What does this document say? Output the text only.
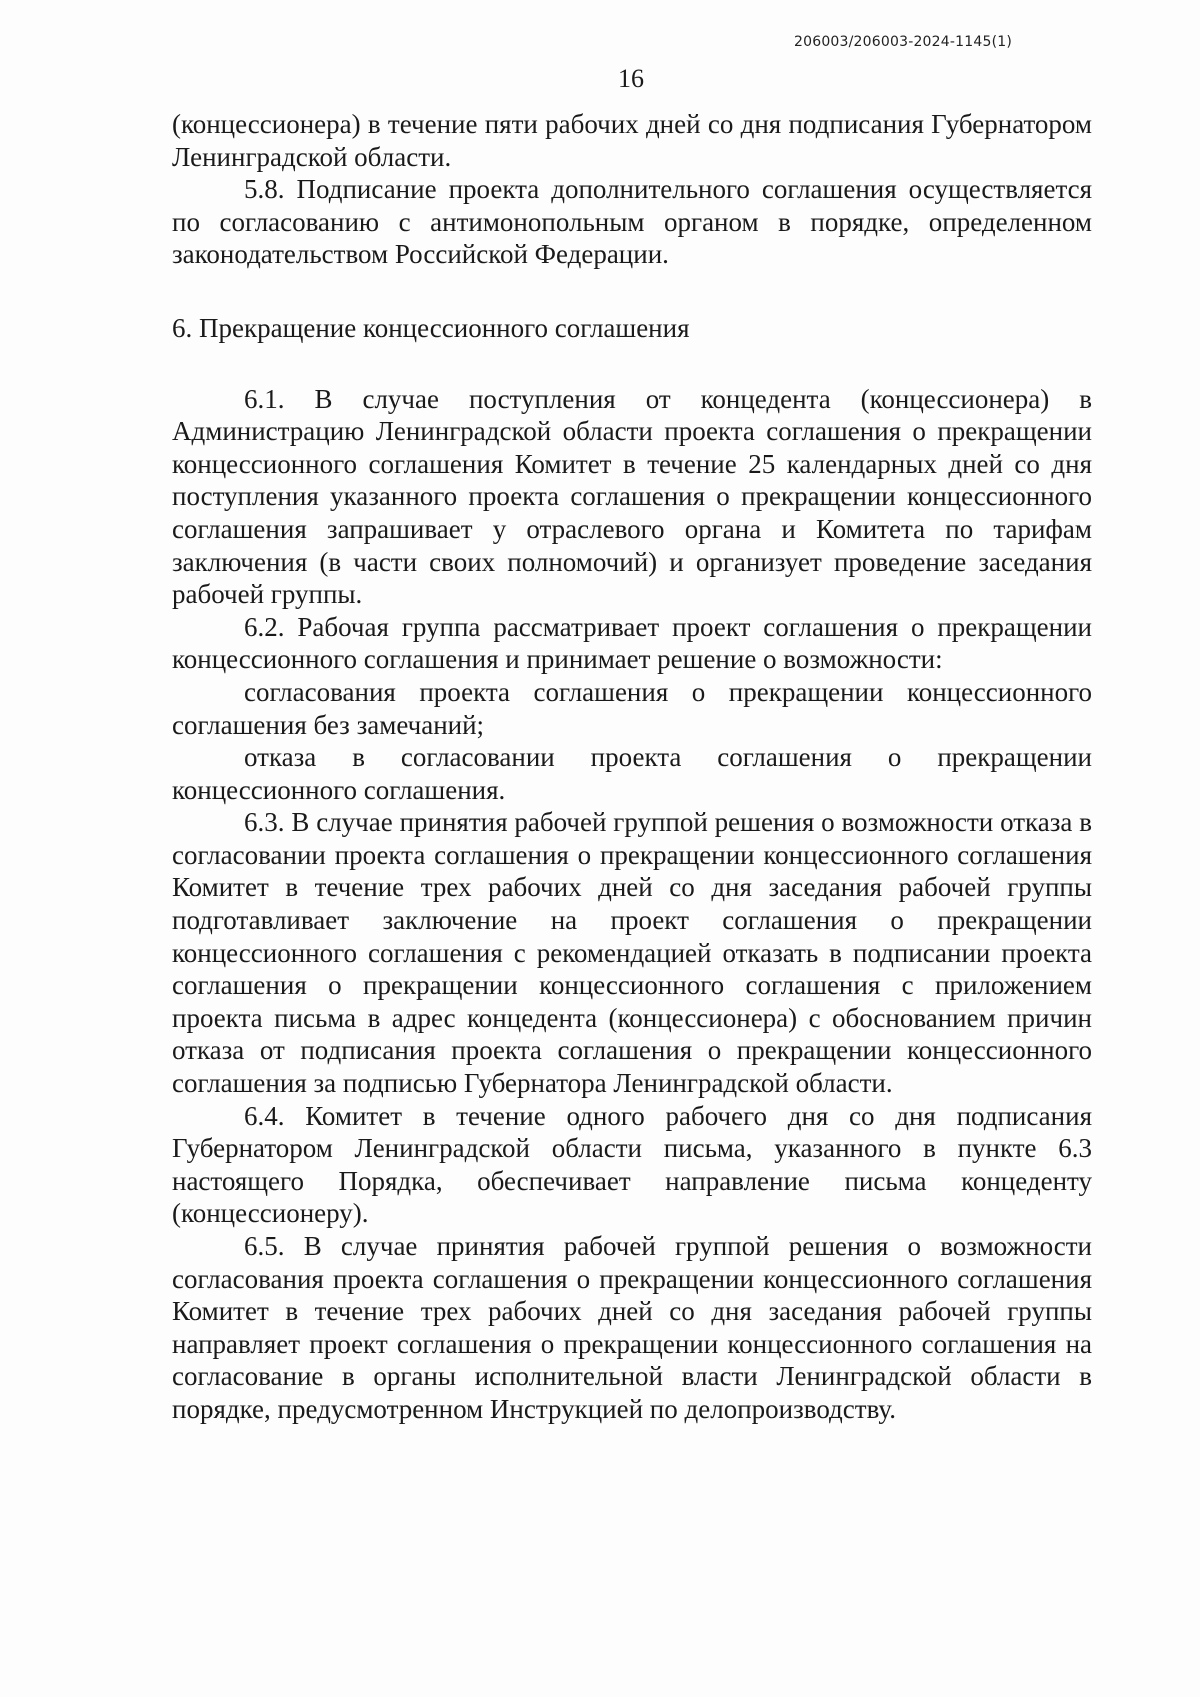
206003/206003-2024-1145(1)
16

(концессионера) в течение пяти рабочих дней со дня подписания Губернатором Ленинградской области.

5.8. Подписание проекта дополнительного соглашения осуществляется по согласованию с антимонопольным органом в порядке, определенном законодательством Российской Федерации.

6. Прекращение концессионного соглашения

6.1. В случае поступления от концедента (концессионера) в Администрацию Ленинградской области проекта соглашения о прекращении концессионного соглашения Комитет в течение 25 календарных дней со дня поступления указанного проекта соглашения о прекращении концессионного соглашения запрашивает у отраслевого органа и Комитета по тарифам заключения (в части своих полномочий) и организует проведение заседания рабочей группы.

6.2. Рабочая группа рассматривает проект соглашения о прекращении концессионного соглашения и принимает решение о возможности:

согласования проекта соглашения о прекращении концессионного соглашения без замечаний;

отказа в согласовании проекта соглашения о прекращении концессионного соглашения.

6.3. В случае принятия рабочей группой решения о возможности отказа в согласовании проекта соглашения о прекращении концессионного соглашения Комитет в течение трех рабочих дней со дня заседания рабочей группы подготавливает заключение на проект соглашения о прекращении концессионного соглашения с рекомендацией отказать в подписании проекта соглашения о прекращении концессионного соглашения с приложением проекта письма в адрес концедента (концессионера) с обоснованием причин отказа от подписания проекта соглашения о прекращении концессионного соглашения за подписью Губернатора Ленинградской области.

6.4. Комитет в течение одного рабочего дня со дня подписания Губернатором Ленинградской области письма, указанного в пункте 6.3 настоящего Порядка, обеспечивает направление письма концеденту (концессионеру).

6.5. В случае принятия рабочей группой решения о возможности согласования проекта соглашения о прекращении концессионного соглашения Комитет в течение трех рабочих дней со дня заседания рабочей группы направляет проект соглашения о прекращении концессионного соглашения на согласование в органы исполнительной власти Ленинградской области в порядке, предусмотренном Инструкцией по делопроизводству.
